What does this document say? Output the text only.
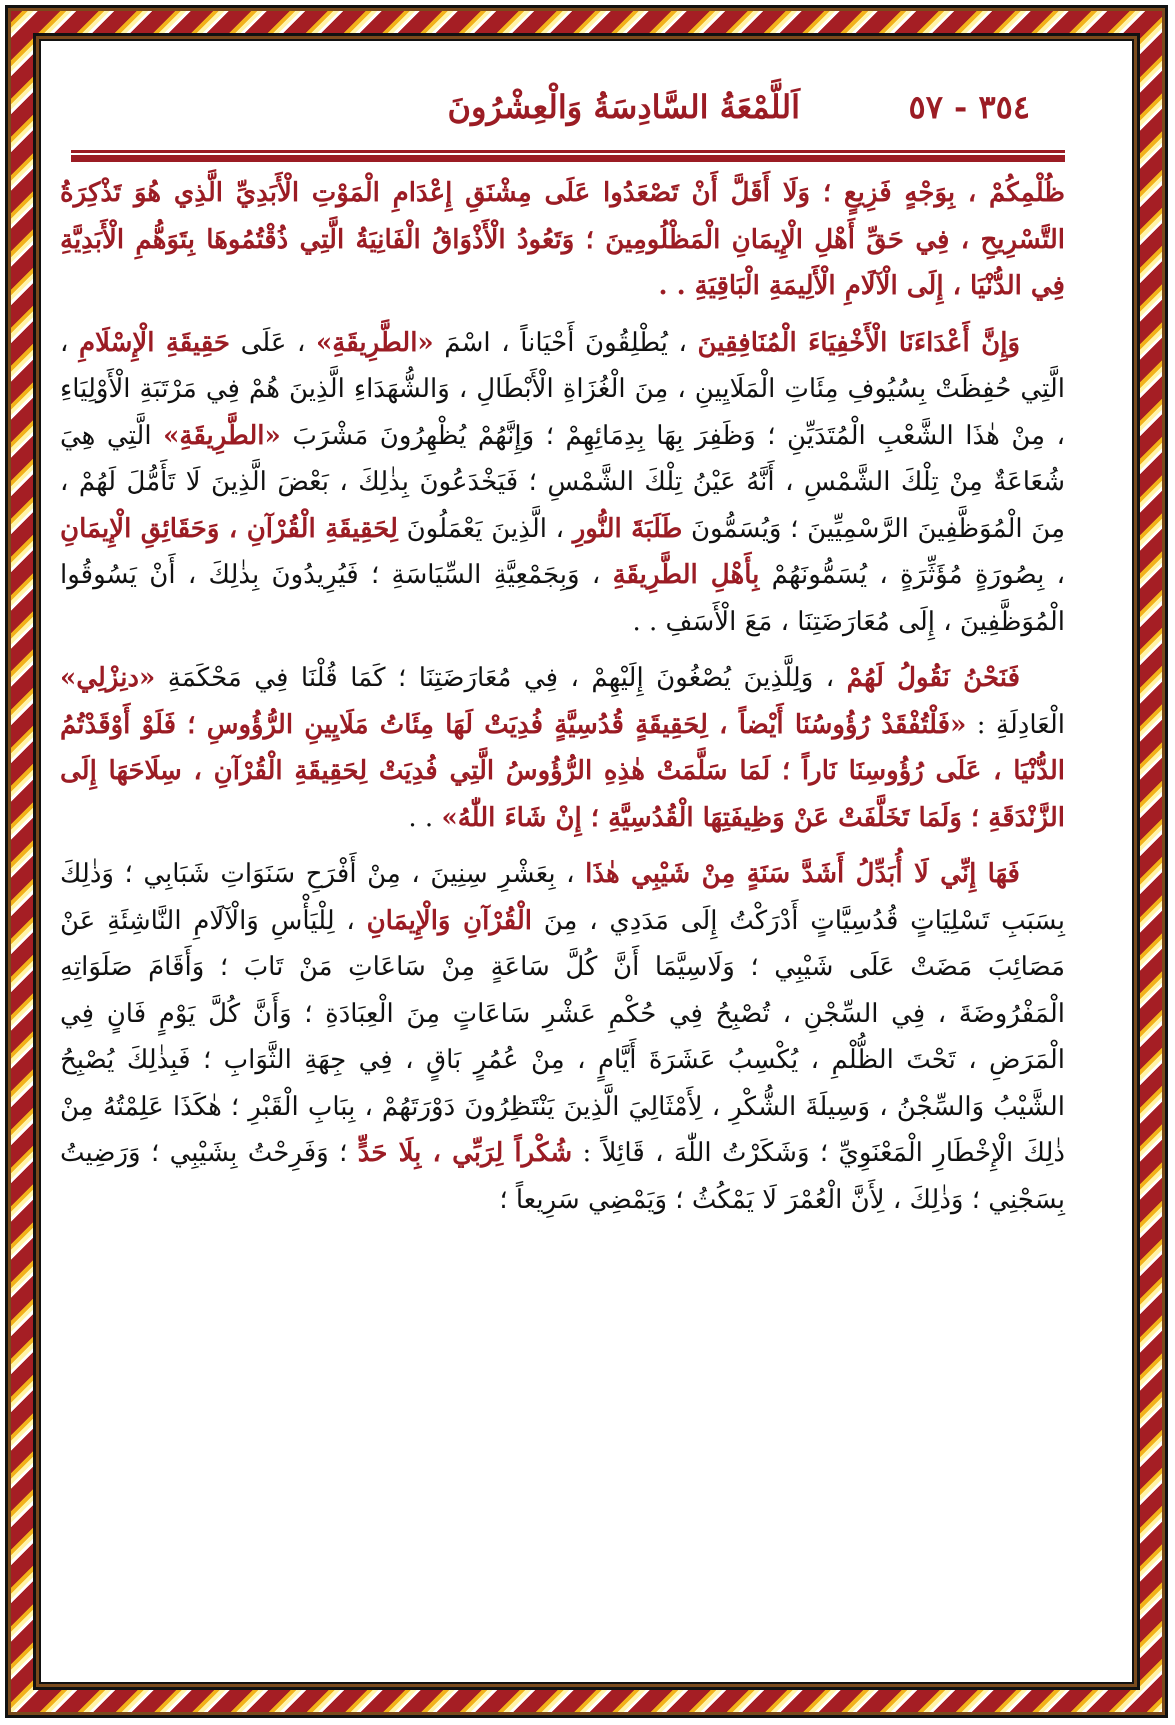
٣٥٤ - ٥٧
اَللَّمْعَةُ السَّادِسَةُ وَالْعِشْرُونَ

ظُلْمِكُمْ ، بِوَجْهٍ فَزِيعٍ ؛ وَلَا أَقَلَّ أَنْ تَصْعَدُوا عَلَى مِشْنَقِ إِعْدَامِ الْمَوْتِ الْأَبَدِيِّ الَّذِي هُوَ تَذْكِرَةُ التَّسْرِيحِ ، فِي حَقِّ أَهْلِ الْإِيمَانِ الْمَظْلُومِينَ ؛ وَتَعُودُ الْأَذْوَاقُ الْفَانِيَةُ الَّتِي ذُقْتُمُوهَا بِتَوَهُّمِ الْأَبَدِيَّةِ فِي الدُّنْيَا ، إِلَى الْآلَامِ الْأَلِيمَةِ الْبَاقِيَةِ . .

وَإِنَّ أَعْدَاءَنَا الْأَخْفِيَاءَ الْمُنَافِقِينَ ، يُطْلِقُونَ أَحْيَاناً ، اسْمَ «الطَّرِيقَةِ» ، عَلَى حَقِيقَةِ الْإِسْلَامِ ، الَّتِي حُفِظَتْ بِسُيُوفِ مِئَاتِ الْمَلَايِينِ ، مِنَ الْغُزَاةِ الْأَبْطَالِ ، وَالشُّهَدَاءِ الَّذِينَ هُمْ فِي مَرْتَبَةِ الْأَوْلِيَاءِ ، مِنْ هٰذَا الشَّعْبِ الْمُتَدَيِّنِ ؛ وَظَفِرَ بِهَا بِدِمَائِهِمْ ؛ وَإِنَّهُمْ يُظْهِرُونَ مَشْرَبَ «الطَّرِيقَةِ» الَّتِي هِيَ شُعَاعَةٌ مِنْ تِلْكَ الشَّمْسِ ، أَنَّهُ عَيْنُ تِلْكَ الشَّمْسِ ؛ فَيَخْدَعُونَ بِذٰلِكَ ، بَعْضَ الَّذِينَ لَا تَأَمُّلَ لَهُمْ ، مِنَ الْمُوَظَّفِينَ الرَّسْمِيِّينَ ؛ وَيُسَمُّونَ طَلَبَةَ النُّورِ ، الَّذِينَ يَعْمَلُونَ لِحَقِيقَةِ الْقُرْآنِ ، وَحَقَائِقِ الْإِيمَانِ ، بِصُورَةٍ مُؤَثِّرَةٍ ، يُسَمُّونَهُمْ بِأَهْلِ الطَّرِيقَةِ ، وَبِجَمْعِيَّةِ السِّيَاسَةِ ؛ فَيُرِيدُونَ بِذٰلِكَ ، أَنْ يَسُوقُوا الْمُوَظَّفِينَ ، إِلَى مُعَارَضَتِنَا ، مَعَ الْأَسَفِ . .

فَنَحْنُ نَقُولُ لَهُمْ ، وَلِلَّذِينَ يُصْغُونَ إِلَيْهِمْ ، فِي مُعَارَضَتِنَا ؛ كَمَا قُلْنَا فِي مَحْكَمَةِ «دنِزْلِي» الْعَادِلَةِ : «فَلْتُفْقَدْ رُؤُوسُنَا أَيْضاً ، لِحَقِيقَةٍ قُدُسِيَّةٍ فُدِيَتْ لَهَا مِئَاتُ مَلَايِينِ الرُّؤُوسِ ؛ فَلَوْ أَوْقَدْتُمُ الدُّنْيَا ، عَلَى رُؤُوسِنَا نَاراً ؛ لَمَا سَلَّمَتْ هٰذِهِ الرُّؤُوسُ الَّتِي فُدِيَتْ لِحَقِيقَةِ الْقُرْآنِ ، سِلَاحَهَا إِلَى الزَّنْدَقَةِ ؛ وَلَمَا تَخَلَّفَتْ عَنْ وَظِيفَتِهَا الْقُدُسِيَّةِ ؛ إِنْ شَاءَ اللّٰهُ» . .

فَهَا إِنِّي لَا أُبَدِّلُ أَشَدَّ سَنَةٍ مِنْ شَيْبِي هٰذَا ، بِعَشْرِ سِنِينَ ، مِنْ أَفْرَحِ سَنَوَاتِ شَبَابِي ؛ وَذٰلِكَ بِسَبَبِ تَسْلِيَاتٍ قُدُسِيَّاتٍ أَدْرَكْتُ إِلَى مَدَدِي ، مِنَ الْقُرْآنِ وَالْإِيمَانِ ، لِلْيَأْسِ وَالْآلَامِ النَّاشِئَةِ عَنْ مَصَائِبَ مَضَتْ عَلَى شَيْبِي ؛ وَلَاسِيَّمَا أَنَّ كُلَّ سَاعَةٍ مِنْ سَاعَاتِ مَنْ تَابَ ؛ وَأَقَامَ صَلَوَاتِهِ الْمَفْرُوضَةَ ، فِي السِّجْنِ ، تُصْبِحُ فِي حُكْمِ عَشْرِ سَاعَاتٍ مِنَ الْعِبَادَةِ ؛ وَأَنَّ كُلَّ يَوْمٍ فَانٍ فِي الْمَرَضِ ، تَحْتَ الظُّلْمِ ، يُكْسِبُ عَشَرَةَ أَيَّامٍ ، مِنْ عُمُرٍ بَاقٍ ، فِي جِهَةِ الثَّوَابِ ؛ فَبِذٰلِكَ يُصْبِحُ الشَّيْبُ وَالسِّجْنُ ، وَسِيلَةَ الشُّكْرِ ، لِأَمْثَالِيَ الَّذِينَ يَنْتَظِرُونَ دَوْرَتَهُمْ ، بِبَابِ الْقَبْرِ ؛ هٰكَذَا عَلِمْتُهُ مِنْ ذٰلِكَ الْإِخْطَارِ الْمَعْنَوِيِّ ؛ وَشَكَرْتُ اللّٰهَ ، قَائِلاً : شُكْراً لِرَبِّي ، بِلَا حَدٍّ ؛ وَفَرِحْتُ بِشَيْبِي ؛ وَرَضِيتُ بِسَجْنِي ؛ وَذٰلِكَ ، لِأَنَّ الْعُمْرَ لَا يَمْكُثُ ؛ وَيَمْضِي سَرِيعاً ؛
